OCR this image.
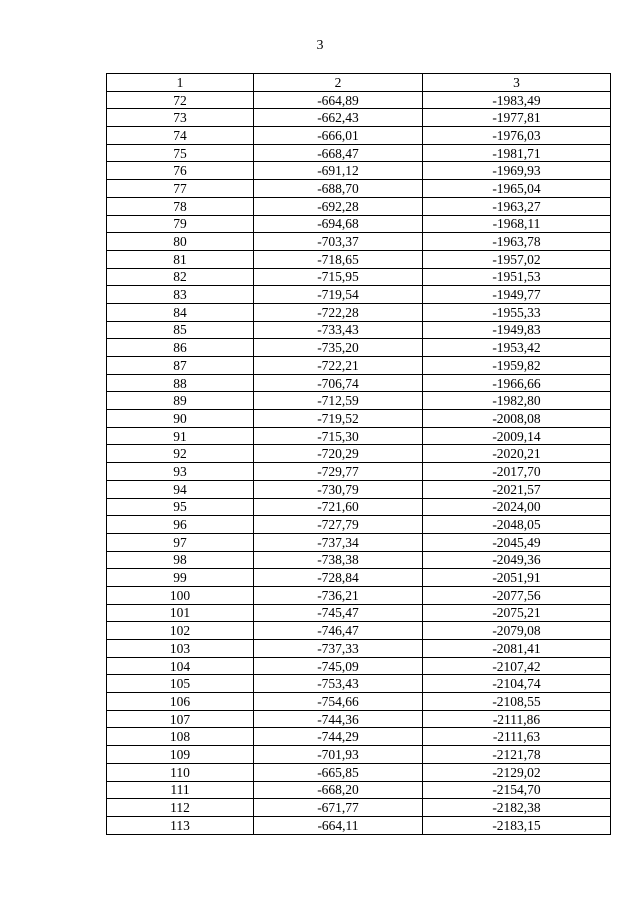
3
1	2	3
72	-664,89	-1983,49
73	-662,43	-1977,81
74	-666,01	-1976,03
75	-668,47	-1981,71
76	-691,12	-1969,93
77	-688,70	-1965,04
78	-692,28	-1963,27
79	-694,68	-1968,11
80	-703,37	-1963,78
81	-718,65	-1957,02
82	-715,95	-1951,53
83	-719,54	-1949,77
84	-722,28	-1955,33
85	-733,43	-1949,83
86	-735,20	-1953,42
87	-722,21	-1959,82
88	-706,74	-1966,66
89	-712,59	-1982,80
90	-719,52	-2008,08
91	-715,30	-2009,14
92	-720,29	-2020,21
93	-729,77	-2017,70
94	-730,79	-2021,57
95	-721,60	-2024,00
96	-727,79	-2048,05
97	-737,34	-2045,49
98	-738,38	-2049,36
99	-728,84	-2051,91
100	-736,21	-2077,56
101	-745,47	-2075,21
102	-746,47	-2079,08
103	-737,33	-2081,41
104	-745,09	-2107,42
105	-753,43	-2104,74
106	-754,66	-2108,55
107	-744,36	-2111,86
108	-744,29	-2111,63
109	-701,93	-2121,78
110	-665,85	-2129,02
111	-668,20	-2154,70
112	-671,77	-2182,38
113	-664,11	-2183,15
